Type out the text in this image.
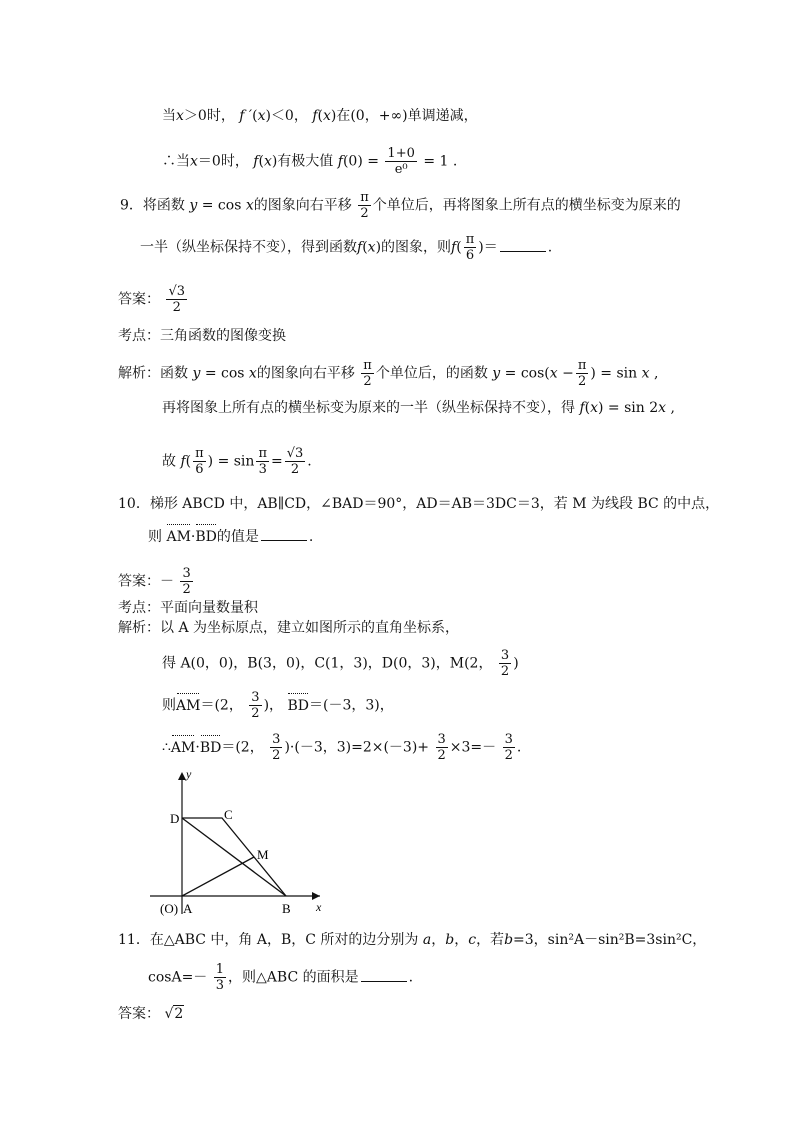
当x＞0时， f ′(x)＜0， f(x)在(0，+∞)单调递减，
∴当x＝0时， f(x)有极大值 $f(0) = \frac{1+0}{\text{e⁰}} = 1$ .
9．将函数 y = cos x的图象向右平移 $\frac{\pi}{2}$ 个单位后，再将图象上所有点的横坐标变为原来的
一半（纵坐标保持不变），得到函数f(x)的图象，则$f( \frac{\pi}{6}$ )＝	.
答案： $\frac{√3}{2}$
考点：三角函数的图像变换
解析：函数 y = cos x的图象向右平移 $\frac{\pi}{2}$ 个单位后，的函数 $y = \cos(x - \frac{\pi}{2}$ ) = sin x ,
再将图象上所有点的横坐标变为原来的一半（纵坐标保持不变），得 f(x) = sin 2x ,
故 $f( \frac{\pi}{6}$ ) = $\sin \frac{\pi}{3} = \frac{√3}{2}$ .
10．梯形 ABCD 中，AB∥CD，∠BAD＝90°，AD＝AB＝3DC＝3，若 M 为线段 BC 的中点，
则 AM·BD的值是	.
答案：－ $\frac{3}{2}$
考点：平面向量数量积
解析：以 A 为坐标原点，建立如图所示的直角坐标系，
得 A(0，0)，B(3，0)，C(1，3)，D(0，3)，M(2， $\frac{3}{2}$ )
则AM＝(2， $\frac{3}{2}$ )， BD＝(－3，3)，
∴AM·BD＝(2， $\frac{3}{2} )\cdot(-3$，$3)=2\times(-3)+ \frac{3}{2} \times 3=- \frac{3}{2}$ .
y
D	C
M
(O) A	B x
11．在△ABC 中，角 A，B，C 所对的边分别为 a，b，c，若b=3，sin²A－sin²B=3sin²C，
$\cos A=- \frac{1}{3}$ ，则△ABC 的面积是	.
答案： √2
